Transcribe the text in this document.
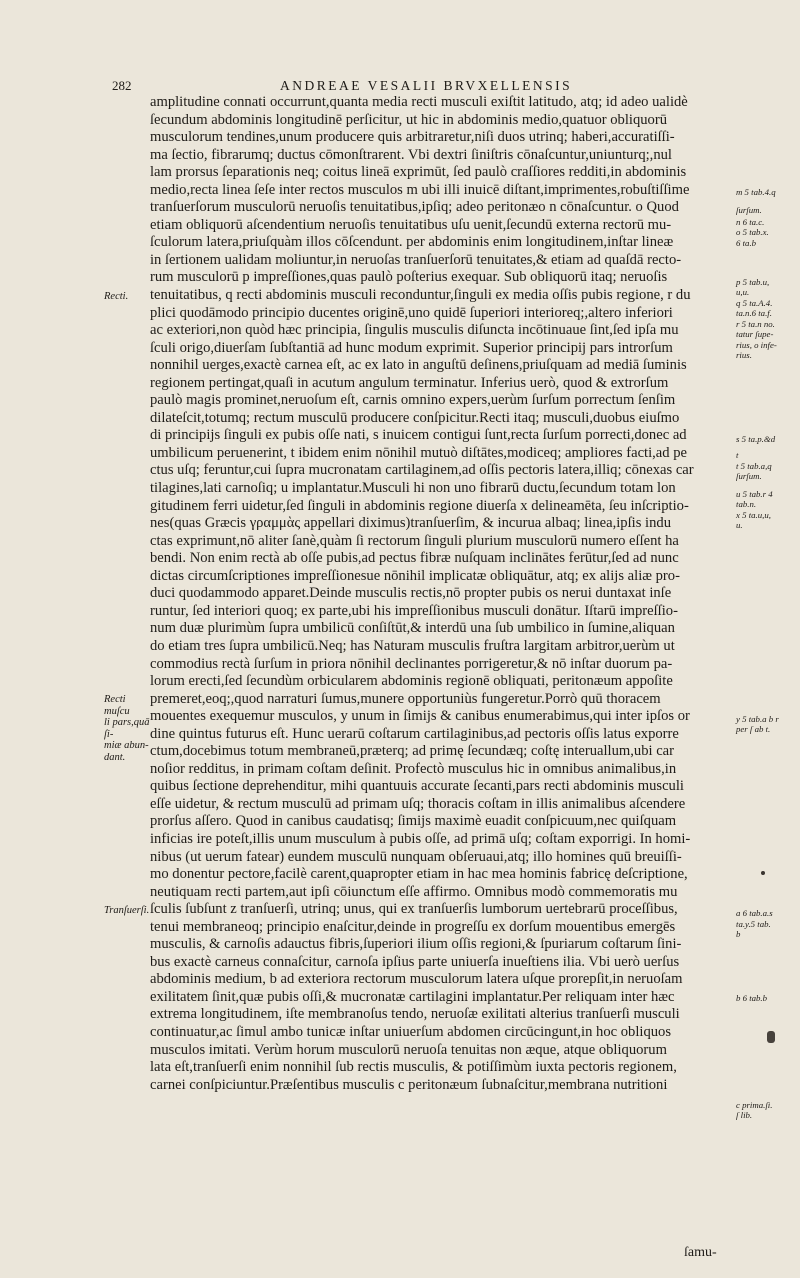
282	ANDREAE VESALII BRVXELLENSIS
amplitudine connati occurrunt,quanta media recti musculi exiſtit latitudo, atq; id adeo ualidè
ſecundum abdominis longitudinē perſicitur, ut hic in abdominis medio,quatuor obliquorū
musculorum tendines,unum producere quis arbitraretur,niſi duos utrinq; haberi,accuratiſſi-
ma ſectio, fibrarumq; ductus cōmonſtrarent. Vbi dextri ſiniſtris cōnaſcuntur,uniunturq;,nul
lam prorsus ſeparationis neq; coitus lineā exprimūt, ſed paulò craſſiores redditi,in abdominis
medio,recta linea ſeſe inter rectos musculos m ubi illi inuicē diſtant,imprimentes,robuſtiſſime
tranſuerſorum musculorū neruoſis tenuitatibus,ipſiq; adeo peritonæo n cōnaſcuntur. o Quod
etiam obliquorū aſcendentium neruoſis tenuitatibus uſu uenit,ſecundū externa rectorū mu-
ſculorum latera,priuſquàm illos cōſcendunt. per abdominis enim longitudinem,inſtar lineæ
in ſertionem ualidam moliuntur,in neruoſas tranſuerſorū tenuitates,& etiam ad quaſdā recto-
rum musculorū p impreſſiones,quas paulò poſterius exequar. Sub obliquorū itaq; neruoſis
tenuitatibus, q recti abdominis musculi reconduntur,ſinguli ex media oſſis pubis regione, r du
plici quodāmodo principio ducentes originē,uno quidē ſuperiori interioreq;,altero inferiori
ac exteriori,non quòd hæc principia, ſingulis musculis diſuncta incōtinuaue ſint,ſed ipſa mu
ſculi origo,diuerſam ſubſtantiā ad hunc modum exprimit. Superior principij pars introrſum
nonnihil uerges,exactè carnea eſt, ac ex lato in anguſtū deſinens,priuſquam ad mediā ſuminis
regionem pertingat,quaſi in acutum angulum terminatur. Inferius uerò, quod & extrorſum
paulò magis prominet,neruoſum eſt, carnis omnino expers,uerùm ſurſum porrectum ſenſim
dilateſcit,totumq; rectum musculū producere conſpicitur.Recti itaq; musculi,duobus eiuſmo
di principijs ſinguli ex pubis oſſe nati, s inuicem contigui ſunt,recta ſurſum porrecti,donec ad
umbilicum peruenerint, t ibidem enim nōnihil mutuò diſtātes,modiceq; ampliores facti,ad pe
ctus uſq; feruntur,cui ſupra mucronatam cartilaginem,ad oſſis pectoris latera,illiq; cōnexas car
tilagines,lati carnoſiq; u implantatur.Musculi hi non uno fibrarū ductu,ſecundum totam lon
gitudinem ferri uidetur,ſed ſinguli in abdominis regione diuerſa x delineamēta, ſeu inſcriptio-
nes(quas Græcis γραμμὰς appellari diximus)tranſuerſim, & incurua albaq; linea,ipſis indu
ctas exprimunt,nō aliter ſanè,quàm ſi rectorum ſinguli plurium musculorū numero eſſent ha
bendi. Non enim rectà ab oſſe pubis,ad pectus fibræ nuſquam inclinātes ferūtur,ſed ad nunc
dictas circumſcriptiones impreſſionesue nōnihil implicatæ obliquātur, atq; ex alijs aliæ pro-
duci quodammodo apparet.Deinde musculis rectis,nō propter pubis os nerui duntaxat inſe
runtur, ſed interiori quoq; ex parte,ubi his impreſſionibus musculi donātur. Iſtarū impreſſio-
num duæ plurimùm ſupra umbilicū conſiſtūt,& interdū una ſub umbilico in ſumine,aliquan
do etiam tres ſupra umbilicū.Neq; has Naturam musculis fruſtra largitam arbitror,uerùm ut
commodius rectà ſurſum in priora nōnihil declinantes porrigeretur,& nō inſtar duorum pa-
lorum erecti,ſed ſecundùm orbicularem abdominis regionē obliquati, peritonæum appoſite
premeret,eoq;,quod narraturi ſumus,munere opportuniùs fungeretur.Porrò quū thoracem
mouentes exequemur musculos, y unum in ſimijs & canibus enumerabimus,qui inter ipſos or
dine quintus futurus eſt. Hunc uerarū coſtarum cartilaginibus,ad pectoris oſſis latus exporre
ctum,docebimus totum membraneū,præterq; ad primę ſecundæq; coſtę interuallum,ubi car
noſior redditus, in primam coſtam deſinit. Profectò musculus hic in omnibus animalibus,in
quibus ſectione deprehenditur, mihi quantuuis accurate ſecanti,pars recti abdominis musculi
eſſe uidetur, & rectum musculū ad primam uſq; thoracis coſtam in illis animalibus aſcendere
prorſus aſſero. Quod in canibus caudatisq; ſimijs maximè euadit conſpicuum,nec quiſquam
inficias ire poteſt,illis unum musculum à pubis oſſe, ad primā uſq; coſtam exporrigi. In homi-
nibus (ut uerum fatear) eundem musculū nunquam obſeruaui,atq; illo homines quū breuiſſi-
mo donentur pectore,facilè carent,quapropter etiam in hac mea hominis fabricę deſcriptione,
neutiquam recti partem,aut ipſi cōiunctum eſſe affirmo. Omnibus modò commemoratis mu
ſculis ſubſunt z tranſuerſi, utrinq; unus, qui ex tranſuerſis lumborum uertebrarū proceſſibus,
tenui membraneoq; principio enaſcitur,deinde in progreſſu ex dorſum mouentibus emergēs
musculis, & carnoſis adauctus fibris,ſuperiori ilium oſſis regioni,& ſpuriarum coſtarum ſini-
bus exactè carneus connaſcitur, carnoſa ipſius parte uniuerſa inueſtiens ilia. Vbi uerò uerſus
abdominis medium, b ad exteriora rectorum musculorum latera uſque prorepſit,in neruoſam
exilitatem ſinit,quæ pubis oſſi,& mucronatæ cartilagini implantatur.Per reliquam inter hæc
extrema longitudinem, iſte membranoſus tendo, neruoſæ exilitati alterius tranſuerſi musculi
continuatur,ac ſimul ambo tunicæ inſtar uniuerſum abdomen circūcingunt,in hoc obliquos
musculos imitati. Verùm horum musculorū neruoſa tenuitas non æque, atque obliquorum
lata eſt,tranſuerſi enim nonnihil ſub rectis musculis, & potiſſimùm iuxta pectoris regionem,
carnei conſpiciuntur.Præſentibus musculis c peritonæum ſubnaſcitur,membrana nutritioni
ſamu-
Recti.
Recti muſcu
li pars,quā ſi-
miæ abun-
dant.
Tranſuerſi.
m 5 tab.4.q
ſurſum.
n 6 ta.c.
o 5 tab.x.
6 ta.b
p 5 tab.u,
u,u.
q 5 ta.A.4.
ta.n.6 ta.f.
r 5 ta.n no.
tatur ſupe-
rius, o infe-
rius.
s 5 ta.p.&d
t
t 5 tab.a,q
ſurſum.
u 5 tab.r 4
tab.n.
x 5 ta.u,u,
u.
y 5 tab.a b r
per ſ ab t.
a 6 tab.a.s
ta.y.5 tab.
b
b 6 tab.b
c prima.ſi.
ſ lib.
